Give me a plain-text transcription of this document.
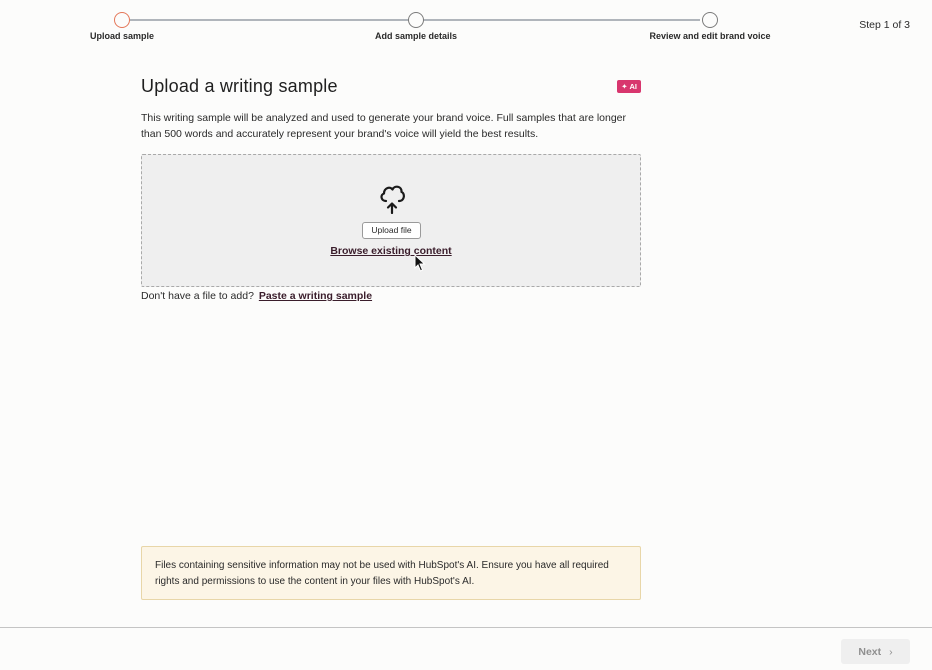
Upload sample	Add sample details	Review and edit brand voice
Step 1 of 3
Upload a writing sample	✦ AI

This writing sample will be analyzed and used to generate your brand voice. Full samples that are longer than 500 words and accurately represent your brand's voice will yield the best results.

Upload file
Browse existing content
Don't have a file to add? Paste a writing sample
Files containing sensitive information may not be used with HubSpot's AI. Ensure you have all required rights and permissions to use the content in your files with HubSpot's AI.
Next ›
